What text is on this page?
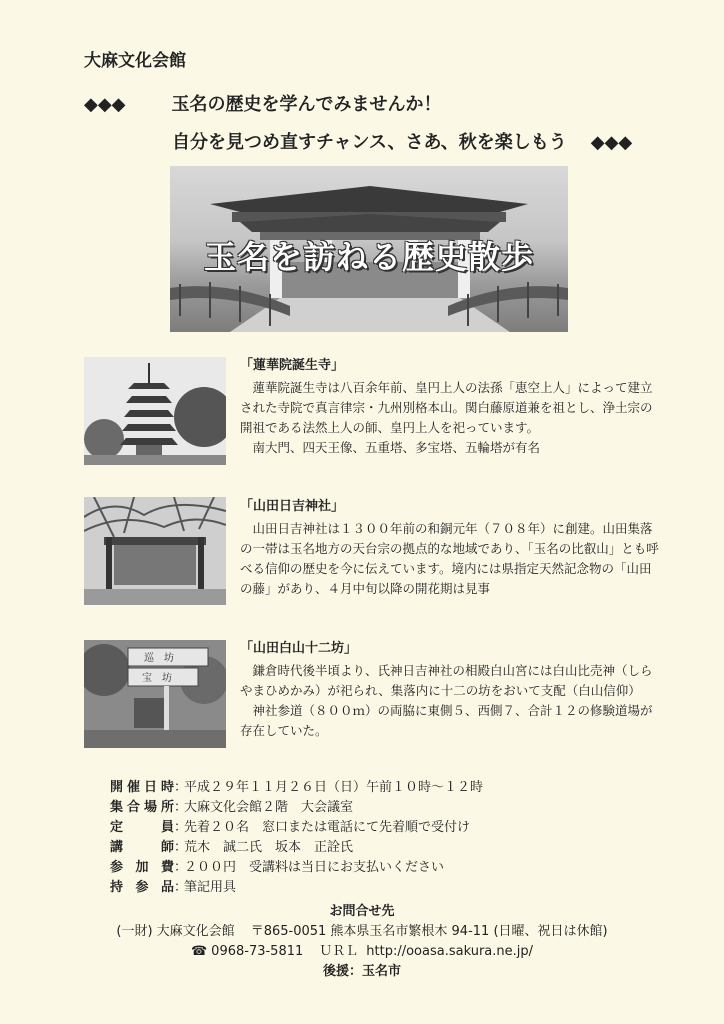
大麻文化会館
◆◆◆	玉名の歴史を学んでみませんか！
自分を見つめ直すチャンス、さあ、秋を楽しもう ◆◆◆
玉名を訪ねる歴史散歩
巡　坊
宝　坊
「蓮華院誕生寺」

蓮華院誕生寺は八百余年前、皇円上人の法孫「恵空上人」によって建立された寺院で真言律宗・九州別格本山。関白藤原道兼を祖とし、浄土宗の開祖である法然上人の師、皇円上人を祀っています。

南大門、四天王像、五重塔、多宝塔、五輪塔が有名

「山田日吉神社」

山田日吉神社は１３００年前の和銅元年（７０８年）に創建。山田集落の一帯は玉名地方の天台宗の拠点的な地域であり、「玉名の比叡山」とも呼べる信仰の歴史を今に伝えています。境内には県指定天然記念物の「山田の藤」があり、４月中旬以降の開花期は見事

「山田白山十二坊」

鎌倉時代後半頃より、氏神日吉神社の相殿白山宮には白山比売神（しらやまひめかみ）が祀られ、集落内に十二の坊をおいて支配（白山信仰）

神社参道（８００ｍ）の両脇に東側５、西側７、合計１２の修験道場が存在していた。

開催日時 ：
平成２９年１１月２６日（日）午前１０時～１２時
集合場所 ：
大麻文化会館２階　大会議室
定員 ：
先着２０名　窓口または電話にて先着順で受付け
講師 ：
荒木　誠二氏　坂本　正詮氏
参加費 ：
２００円　受講料は当日にお支払いください
持参品 ：
筆記用具
お問合せ先
(一財) 大麻文化会館 〒865-0051 熊本県玉名市繁根木 94-11 (日曜、祝日は休館)
☎ 0968-73-5811 ＵＲＬ http://ooasa.sakura.ne.jp/
後援：玉名市
